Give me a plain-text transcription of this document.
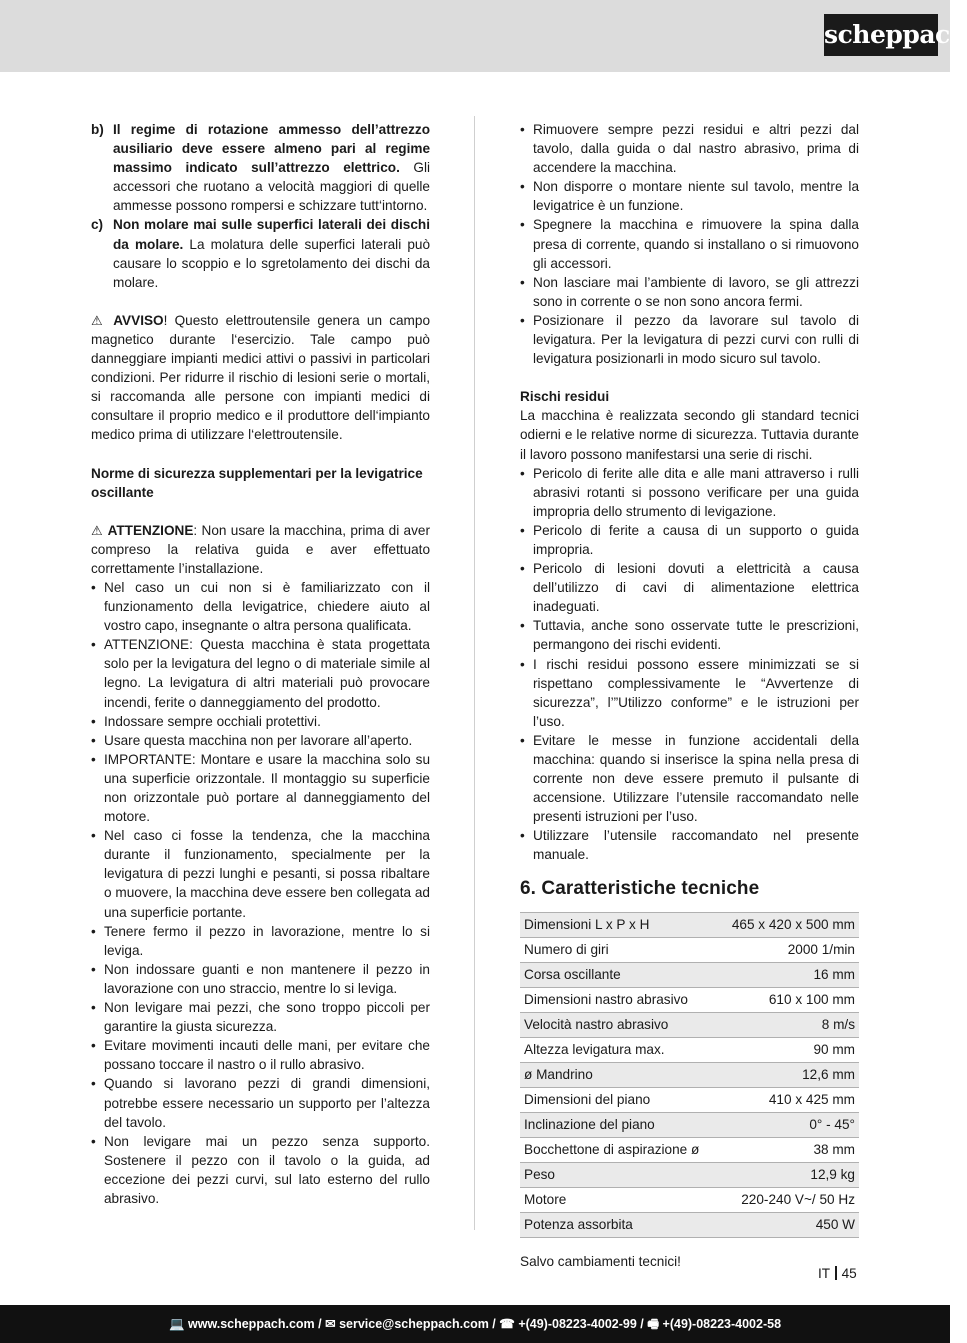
scheppach
b) Il regime di rotazione ammesso dell’attrezzo ausiliario deve essere almeno pari al regime massimo indicato sull’attrezzo elettrico. Gli accessori che ruotano a velocità maggiori di quelle ammesse possono rompersi e schizzare tutt‘intorno.

c) Non molare mai sulle superfici laterali dei dischi da molare. La molatura delle superfici laterali può causare lo scoppio e lo sgretolamento dei dischi da molare.

⚠ AVVISO! Questo elettroutensile genera un campo magnetico durante l‘esercizio. Tale campo può danneggiare impianti medici attivi o passivi in particolari condizioni. Per ridurre il rischio di lesioni serie o mortali, si raccomanda alle persone con impianti medici di consultare il proprio medico e il produttore dell‘impianto medico prima di utilizzare l‘elettroutensile.

Norme di sicurezza supplementari per la levigatrice oscillante

⚠ ATTENZIONE: Non usare la macchina, prima di aver compreso la relativa guida e aver effettuato correttamente l’installazione.

• Nel caso un cui non si è familiarizzato con il funzionamento della levigatrice, chiedere aiuto al vostro capo, insegnante o altra persona qualificata.
• ATTENZIONE: Questa macchina è stata progettata solo per la levigatura del legno o di materiale simile al legno. La levigatura di altri materiali può provocare incendi, ferite o danneggiamento del prodotto.
• Indossare sempre occhiali protettivi.
• Usare questa macchina non per lavorare all’aperto.
• IMPORTANTE: Montare e usare la macchina solo su una superficie orizzontale. Il montaggio su superficie non orizzontale può portare al danneggiamento del motore.
• Nel caso ci fosse la tendenza, che la macchina durante il funzionamento, specialmente per la levigatura di pezzi lunghi e pesanti, si possa ribaltare o muovere, la macchina deve essere ben collegata ad una superficie portante.
• Tenere fermo il pezzo in lavorazione, mentre lo si leviga.
• Non indossare guanti e non mantenere il pezzo in lavorazione con uno straccio, mentre lo si leviga.
• Non levigare mai pezzi, che sono troppo piccoli per garantire la giusta sicurezza.
• Evitare movimenti incauti delle mani, per evitare che possano toccare il nastro o il rullo abrasivo.
• Quando si lavorano pezzi di grandi dimensioni, potrebbe essere necessario un supporto per l’altezza del tavolo.
• Non levigare mai un pezzo senza supporto. Sostenere il pezzo con il tavolo o la guida, ad eccezione dei pezzi curvi, sul lato esterno del rullo abrasivo.
• Rimuovere sempre pezzi residui e altri pezzi dal tavolo, dalla guida o dal nastro abrasivo, prima di accendere la macchina.
• Non disporre o montare niente sul tavolo, mentre la levigatrice è un funzione.
• Spegnere la macchina e rimuovere la spina dalla presa di corrente, quando si installano o si rimuovono gli accessori.
• Non lasciare mai l’ambiente di lavoro, se gli attrezzi sono in corrente o se non sono ancora fermi.
• Posizionare il pezzo da lavorare sul tavolo di levigatura. Per la levigatura di pezzi curvi con rulli di levigatura posizionarli in modo sicuro sul tavolo.

Rischi residui

La macchina è realizzata secondo gli standard tecnici odierni e le relative norme di sicurezza. Tuttavia durante il lavoro possono manifestarsi una serie di rischi.

• Pericolo di ferite alle dita e alle mani attraverso i rulli abrasivi rotanti si possono verificare per una guida impropria dello strumento di levigazione.
• Pericolo di ferite a causa di un supporto o guida impropria.
• Pericolo di lesioni dovuti a elettricità a causa dell’utilizzo di cavi di alimentazione elettrica inadeguati.
• Tuttavia, anche sono osservate tutte le prescrizioni, permangono dei rischi evidenti.
• I rischi residui possono essere minimizzati se si rispettano complessivamente le “Avvertenze di sicurezza”, l’”Utilizzo conforme” e le istruzioni per l’uso.
• Evitare le messe in funzione accidentali della macchina: quando si inserisce la spina nella presa di corrente non deve essere premuto il pulsante di accensione. Utilizzare l’utensile raccomandato nelle presenti istruzioni per l’uso.
• Utilizzare l’utensile raccomandato nel presente manuale.
6. Caratteristiche tecniche
Dimensioni L x P x H	465 x 420 x 500 mm
Numero di giri	2000 1/min
Corsa oscillante	16 mm
Dimensioni nastro abrasivo	610 x 100 mm
Velocità nastro abrasivo	8 m/s
Altezza levigatura max.	90 mm
ø Mandrino	12,6 mm
Dimensioni del piano	410 x 425 mm
Inclinazione del piano	0° - 45°
Bocchettone di aspirazione ø	38 mm
Peso	12,9 kg
Motore	220-240 V~/ 50 Hz
Potenza assorbita	450 W

Salvo cambiamenti tecnici!

IT 45
💻 www.scheppach.com / ✉ service@scheppach.com / ☎ +(49)-08223-4002-99 / 🖷 +(49)-08223-4002-58
